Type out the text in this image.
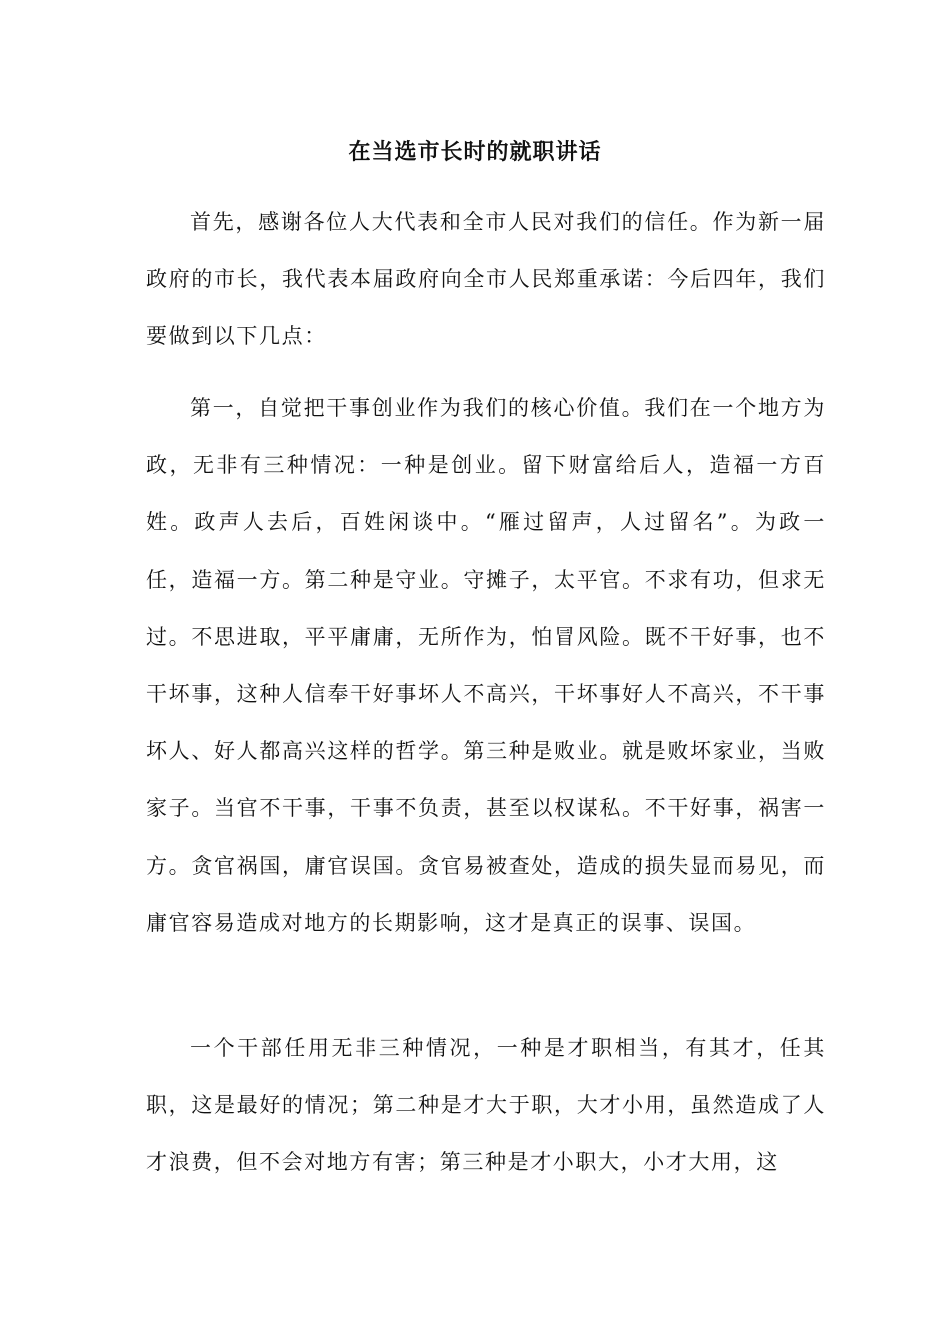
在当选市长时的就职讲话

首先，感谢各位人大代表和全市人民对我们的信任。作为新一届政府的市长，我代表本届政府向全市人民郑重承诺：今后四年，我们要做到以下几点：

第一，自觉把干事创业作为我们的核心价值。我们在一个地方为政，无非有三种情况：一种是创业。留下财富给后人，造福一方百姓。政声人去后，百姓闲谈中。“雁过留声，人过留名”。为政一任，造福一方。第二种是守业。守摊子，太平官。不求有功，但求无过。不思进取，平平庸庸，无所作为，怕冒风险。既不干好事，也不干坏事，这种人信奉干好事坏人不高兴，干坏事好人不高兴，不干事坏人、好人都高兴这样的哲学。第三种是败业。就是败坏家业，当败家子。当官不干事，干事不负责，甚至以权谋私。不干好事，祸害一方。贪官祸国，庸官误国。贪官易被查处，造成的损失显而易见，而庸官容易造成对地方的长期影响，这才是真正的误事、误国。

一个干部任用无非三种情况，一种是才职相当，有其才，任其职，这是最好的情况；第二种是才大于职，大才小用，虽然造成了人才浪费，但不会对地方有害；第三种是才小职大，小才大用，这
